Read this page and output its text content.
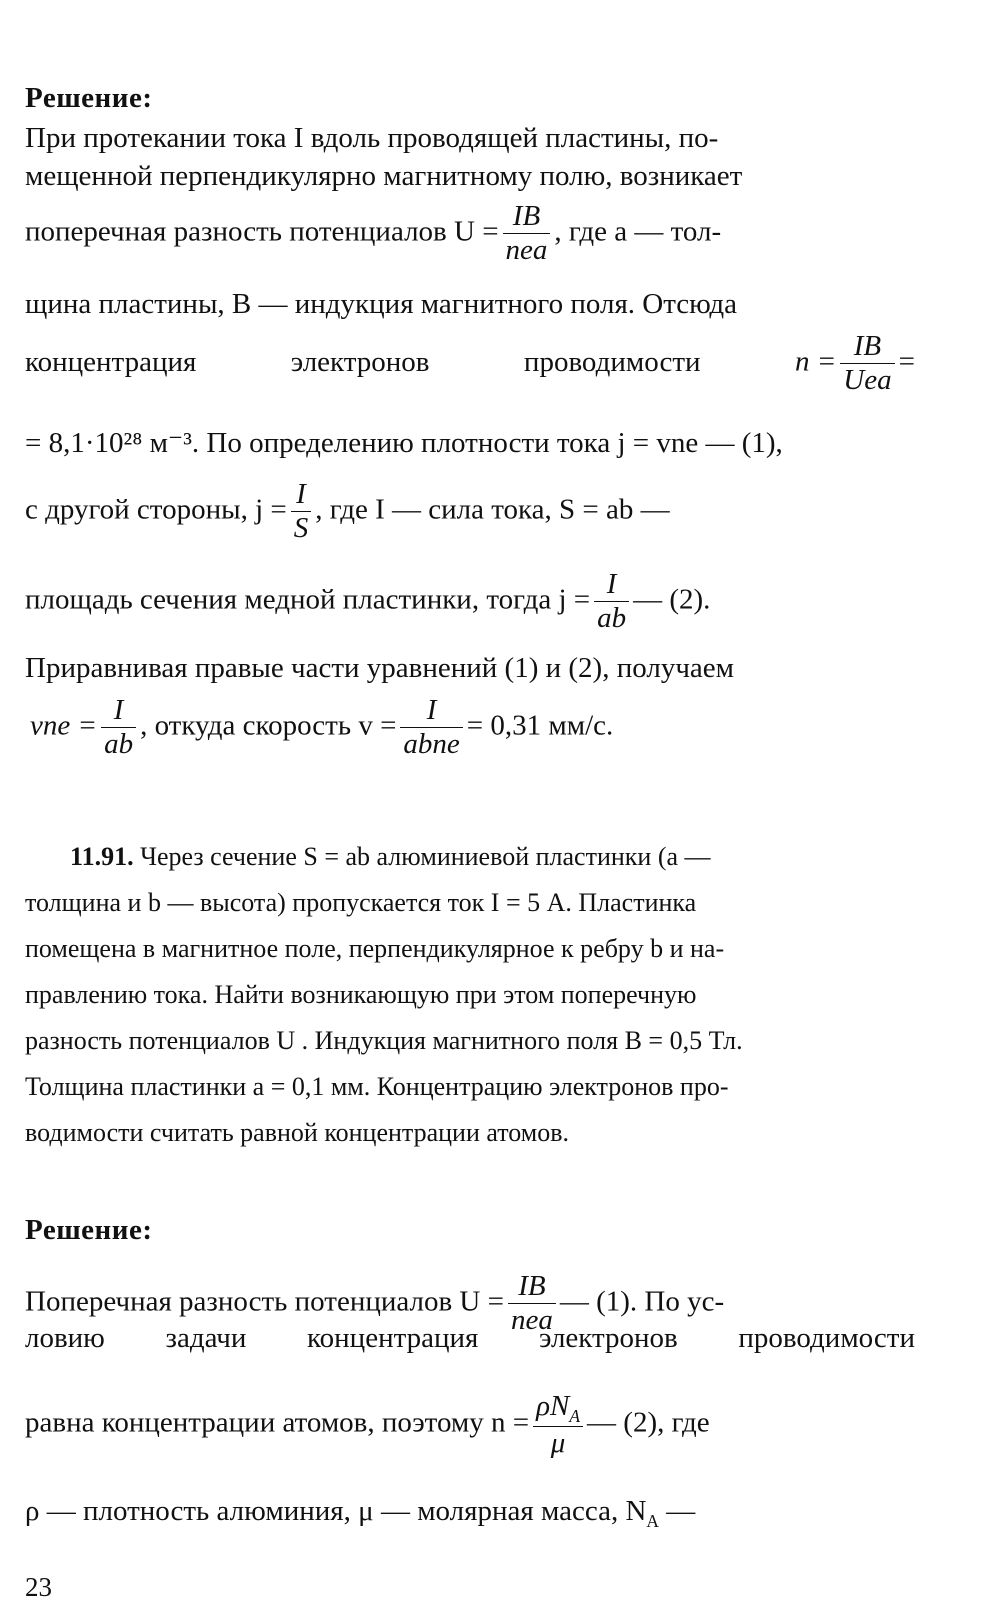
Решение:
При протекании тока I вдоль проводящей пластины, по-
мещенной перпендикулярно магнитному полю, возникает
поперечная разность потенциалов $U = \frac{IB}{\text{nea}}$ , где a — тол-
щина пластины, B — индукция магнитного поля. Отсюда
концентрация	электронов	проводимости	$n = \frac{IB}{\text{Uea}}$ =
= 8,1·10²⁸ м⁻³. По определению плотности тока j = vne — (1),
с другой стороны, $j = \frac{I}{S}$ , где I — сила тока, S = ab —
площадь сечения медной пластинки, тогда $j = \frac{I}{ab}$ — (2).
Приравнивая правые части уравнений (1) и (2), получаем
vne = $\frac{I}{ab}$ , откуда скорость $v = \frac{I}{\text{abne}} = 0,31$ мм/с.
11.91. Через сечение S = ab алюминиевой пластинки (a —
толщина и b — высота) пропускается ток I = 5 А. Пластинка
помещена в магнитное поле, перпендикулярное к ребру b и на-
правлению тока. Найти возникающую при этом поперечную
разность потенциалов U . Индукция магнитного поля B = 0,5 Тл.
Толщина пластинки a = 0,1 мм. Концентрацию электронов про-
водимости считать равной концентрации атомов.
Решение:
Поперечная разность потенциалов $U = \frac{IB}{\text{nea}}$ — (1). По ус-
ловию задачи концентрация электронов проводимости
равна концентрации атомов, поэтому $n = \frac{\rho N_A}{\mu}$ — (2), где
ρ — плотность алюминия, μ — молярная масса, $N_A$ —
23
